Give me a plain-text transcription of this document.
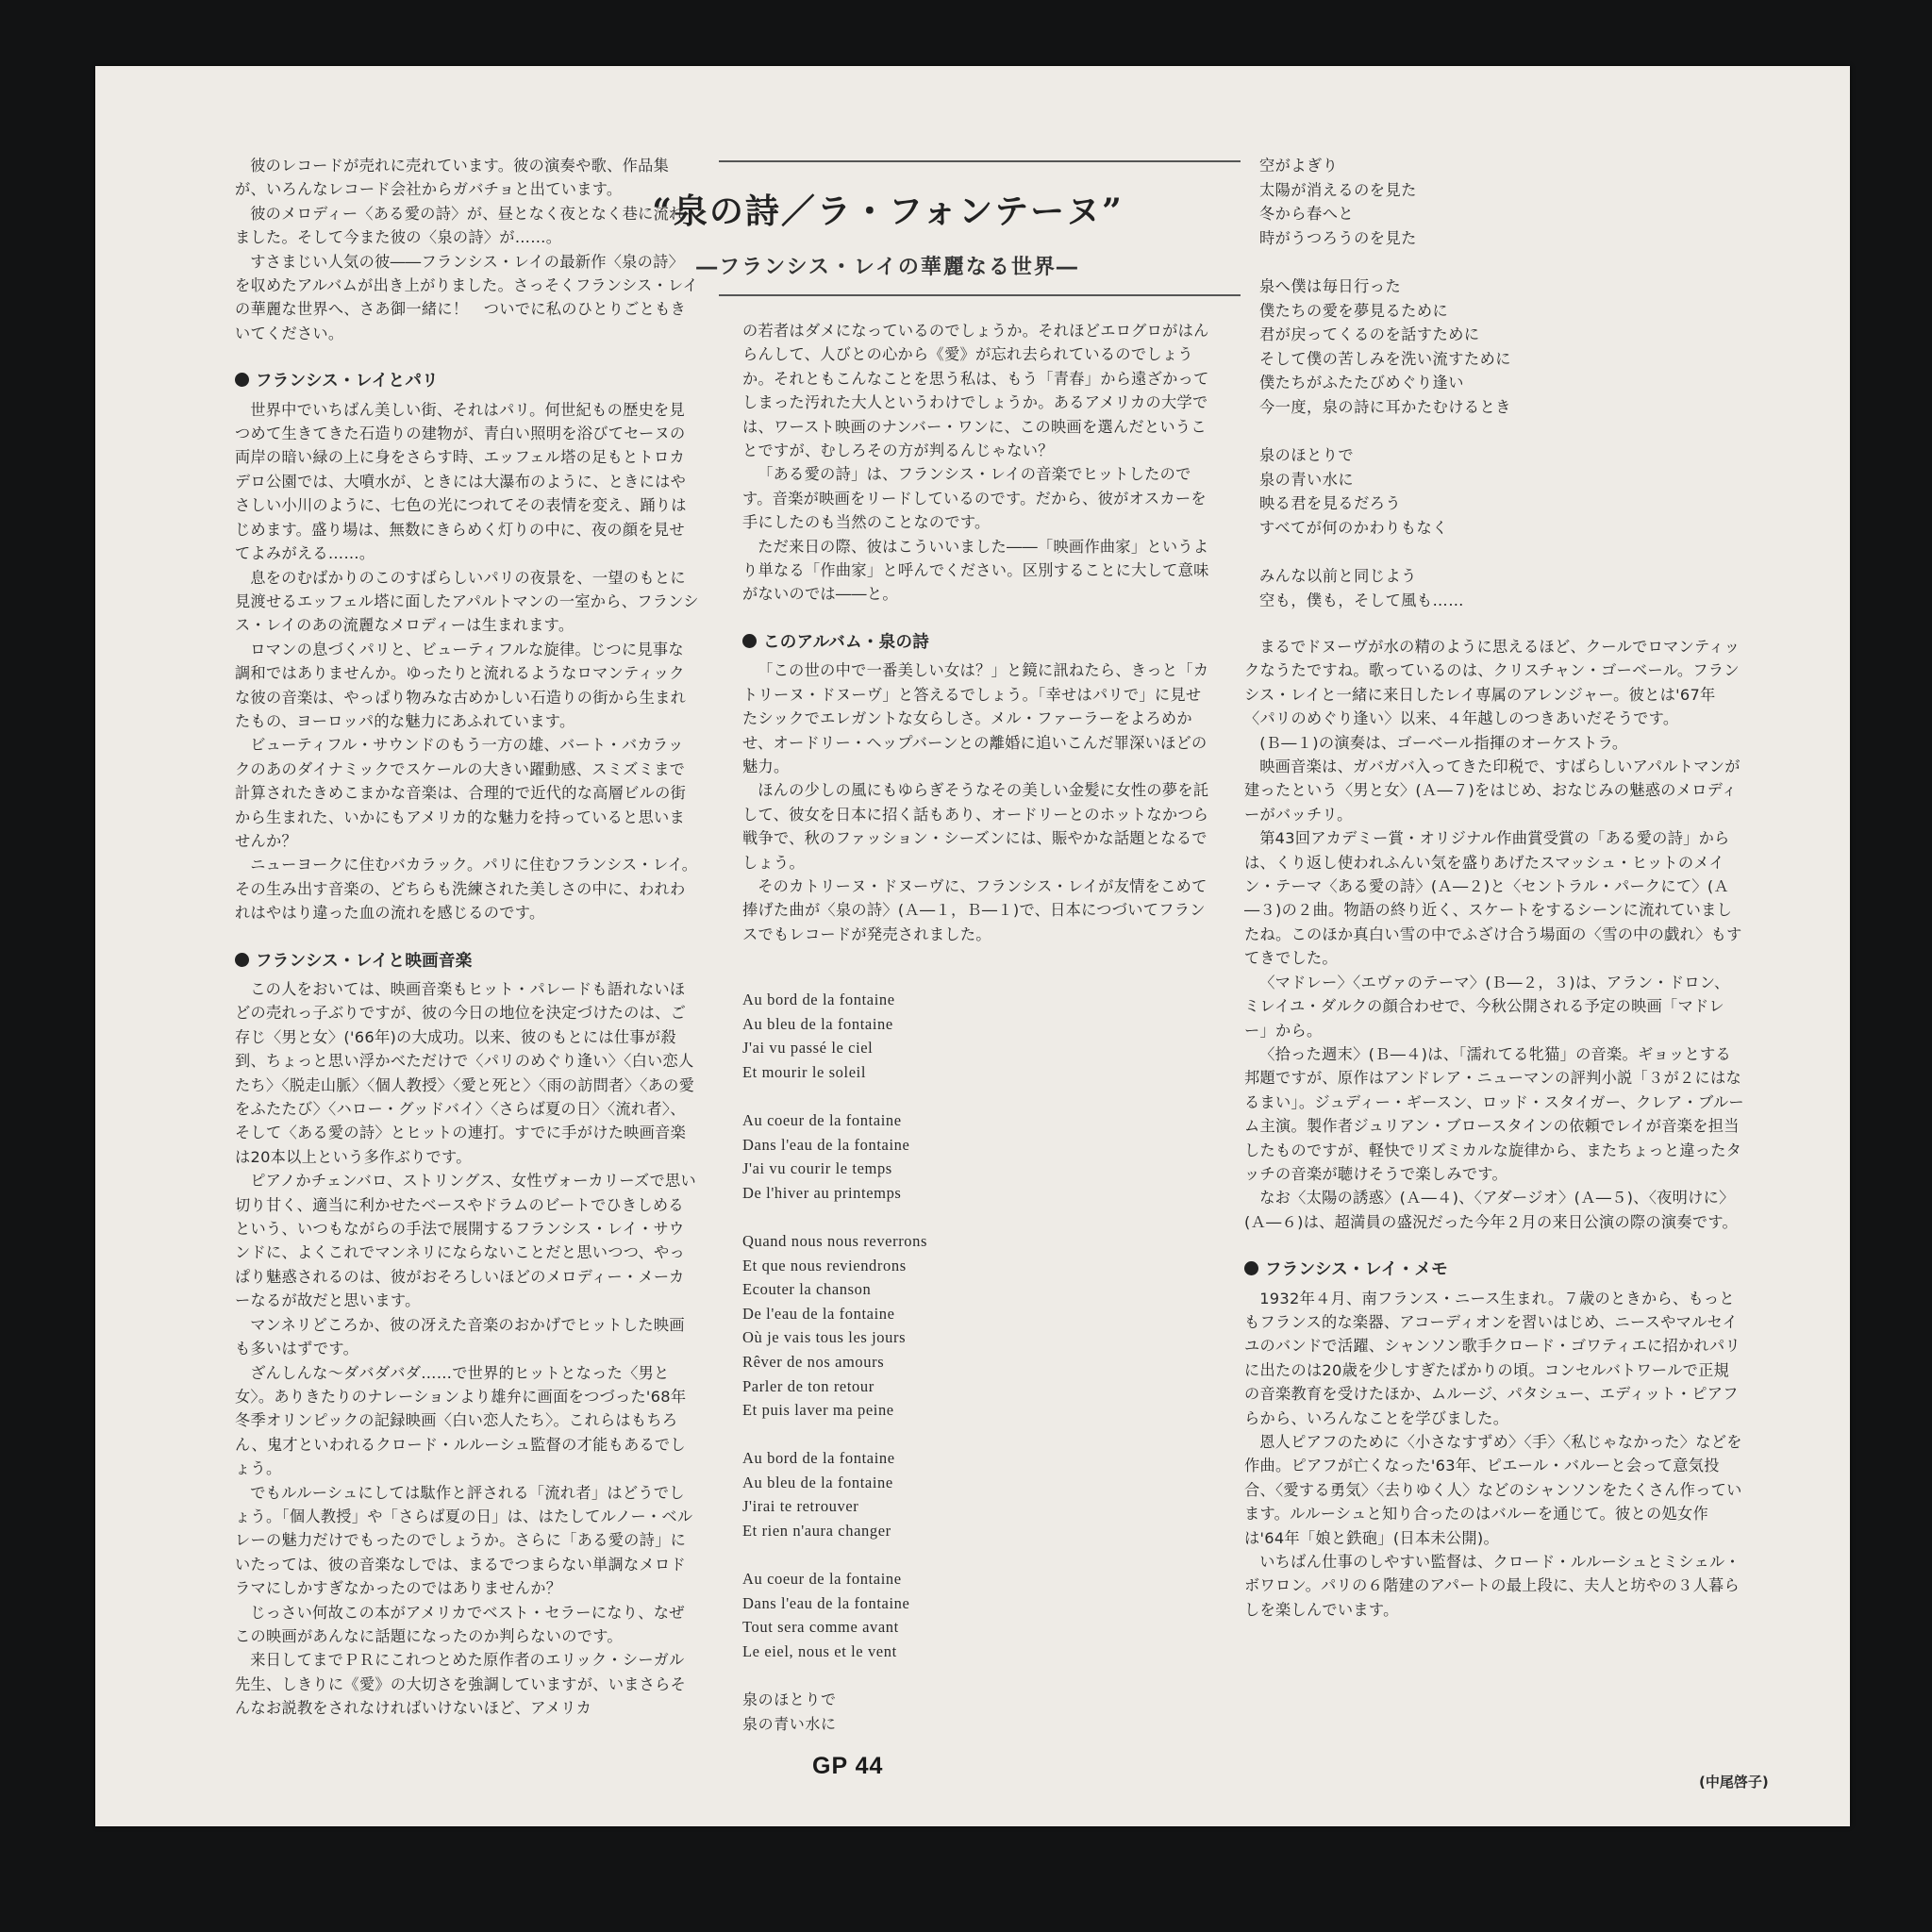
“泉の詩／ラ・フォンテーヌ”
―フランシス・レイの華麗なる世界―

彼のレコードが売れに売れています。彼の演奏や歌、作品集が、いろんなレコード会社からガバチョと出ています。

彼のメロディー〈ある愛の詩〉が、昼となく夜となく巷に流れました。そして今また彼の〈泉の詩〉が……。

すさまじい人気の彼――フランシス・レイの最新作〈泉の詩〉を収めたアルバムが出き上がりました。さっそくフランシス・レイの華麗な世界へ、さあ御一緒に！　ついでに私のひとりごともきいてください。

フランシス・レイとパリ

世界中でいちばん美しい街、それはパリ。何世紀もの歴史を見つめて生きてきた石造りの建物が、青白い照明を浴びてセーヌの両岸の暗い緑の上に身をさらす時、エッフェル塔の足もとトロカデロ公園では、大噴水が、ときには大瀑布のように、ときにはやさしい小川のように、七色の光につれてその表情を変え、踊りはじめます。盛り場は、無数にきらめく灯りの中に、夜の顔を見せてよみがえる……。

息をのむばかりのこのすばらしいパリの夜景を、一望のもとに見渡せるエッフェル塔に面したアパルトマンの一室から、フランシス・レイのあの流麗なメロディーは生まれます。

ロマンの息づくパリと、ビューティフルな旋律。じつに見事な調和ではありませんか。ゆったりと流れるようなロマンティックな彼の音楽は、やっぱり物みな古めかしい石造りの街から生まれたもの、ヨーロッパ的な魅力にあふれています。

ビューティフル・サウンドのもう一方の雄、バート・バカラックのあのダイナミックでスケールの大きい躍動感、スミズミまで計算されたきめこまかな音楽は、合理的で近代的な高層ビルの街から生まれた、いかにもアメリカ的な魅力を持っていると思いませんか？

ニューヨークに住むバカラック。パリに住むフランシス・レイ。その生み出す音楽の、どちらも洗練された美しさの中に、われわれはやはり違った血の流れを感じるのです。

フランシス・レイと映画音楽

この人をおいては、映画音楽もヒット・パレードも語れないほどの売れっ子ぶりですが、彼の今日の地位を決定づけたのは、ご存じ〈男と女〉('66年)の大成功。以来、彼のもとには仕事が殺到、ちょっと思い浮かべただけで〈パリのめぐり逢い〉〈白い恋人たち〉〈脱走山脈〉〈個人教授〉〈愛と死と〉〈雨の訪問者〉〈あの愛をふたたび〉〈ハロー・グッドバイ〉〈さらば夏の日〉〈流れ者〉、そして〈ある愛の詩〉とヒットの連打。すでに手がけた映画音楽は20本以上という多作ぶりです。

ピアノかチェンバロ、ストリングス、女性ヴォーカリーズで思い切り甘く、適当に利かせたベースやドラムのビートでひきしめるという、いつもながらの手法で展開するフランシス・レイ・サウンドに、よくこれでマンネリにならないことだと思いつつ、やっぱり魅惑されるのは、彼がおそろしいほどのメロディー・メーカーなるが故だと思います。

マンネリどころか、彼の冴えた音楽のおかげでヒットした映画も多いはずです。

ざんしんな〜ダバダバダ……で世界的ヒットとなった〈男と女〉。ありきたりのナレーションより雄弁に画面をつづった'68年冬季オリンピックの記録映画〈白い恋人たち〉。これらはもちろん、鬼才といわれるクロード・ルルーシュ監督の才能もあるでしょう。

でもルルーシュにしては駄作と評される「流れ者」はどうでしょう。「個人教授」や「さらば夏の日」は、はたしてルノー・ベルレーの魅力だけでもったのでしょうか。さらに「ある愛の詩」にいたっては、彼の音楽なしでは、まるでつまらない単調なメロドラマにしかすぎなかったのではありませんか？

じっさい何故この本がアメリカでベスト・セラーになり、なぜこの映画があんなに話題になったのか判らないのです。

来日してまでＰＲにこれつとめた原作者のエリック・シーガル先生、しきりに《愛》の大切さを強調していますが、いまさらそんなお説教をされなければいけないほど、アメリカ

の若者はダメになっているのでしょうか。それほどエログロがはんらんして、人びとの心から《愛》が忘れ去られているのでしょうか。それともこんなことを思う私は、もう「青春」から遠ざかってしまった汚れた大人というわけでしょうか。あるアメリカの大学では、ワースト映画のナンバー・ワンに、この映画を選んだということですが、むしろその方が判るんじゃない？

「ある愛の詩」は、フランシス・レイの音楽でヒットしたのです。音楽が映画をリードしているのです。だから、彼がオスカーを手にしたのも当然のことなのです。

ただ来日の際、彼はこういいました――「映画作曲家」というより単なる「作曲家」と呼んでください。区別することに大して意味がないのでは――と。

このアルバム・泉の詩

「この世の中で一番美しい女は？」と鏡に訊ねたら、きっと「カトリーヌ・ドヌーヴ」と答えるでしょう。「幸せはパリで」に見せたシックでエレガントな女らしさ。メル・ファーラーをよろめかせ、オードリー・ヘップバーンとの離婚に追いこんだ罪深いほどの魅力。

ほんの少しの風にもゆらぎそうなその美しい金髪に女性の夢を託して、彼女を日本に招く話もあり、オードリーとのホットなかつら戦争で、秋のファッション・シーズンには、賑やかな話題となるでしょう。

そのカトリーヌ・ドヌーヴに、フランシス・レイが友情をこめて捧げた曲が〈泉の詩〉(Ａ―１，Ｂ―１)で、日本につづいてフランスでもレコードが発売されました。

Au bord de la fontaine
Au bleu de la fontaine
J'ai vu passé le ciel
Et mourir le soleil
Au coeur de la fontaine
Dans l'eau de la fontaine
J'ai vu courir le temps
De l'hiver au printemps
Quand nous nous reverrons
Et que nous reviendrons
Ecouter la chanson
De l'eau de la fontaine
Où je vais tous les jours
Rêver de nos amours
Parler de ton retour
Et puis laver ma peine
Au bord de la fontaine
Au bleu de la fontaine
J'irai te retrouver
Et rien n'aura changer
Au coeur de la fontaine
Dans l'eau de la fontaine
Tout sera comme avant
Le eiel, nous et le vent
泉のほとりで
泉の青い水に
空がよぎり
太陽が消えるのを見た
冬から春へと
時がうつろうのを見た
泉へ僕は毎日行った
僕たちの愛を夢見るために
君が戻ってくるのを話すために
そして僕の苦しみを洗い流すために
僕たちがふたたびめぐり逢い
今一度，泉の詩に耳かたむけるとき
泉のほとりで
泉の青い水に
映る君を見るだろう
すべてが何のかわりもなく
みんな以前と同じよう
空も，僕も，そして風も……

まるでドヌーヴが水の精のように思えるほど、クールでロマンティックなうたですね。歌っているのは、クリスチャン・ゴーベール。フランシス・レイと一緒に来日したレイ専属のアレンジャー。彼とは'67年〈パリのめぐり逢い〉以来、４年越しのつきあいだそうです。

(Ｂ―１)の演奏は、ゴーベール指揮のオーケストラ。

映画音楽は、ガバガバ入ってきた印税で、すばらしいアパルトマンが建ったという〈男と女〉(Ａ―７)をはじめ、おなじみの魅惑のメロディーがバッチリ。

第43回アカデミー賞・オリジナル作曲賞受賞の「ある愛の詩」からは、くり返し使われふんい気を盛りあげたスマッシュ・ヒットのメイン・テーマ〈ある愛の詩〉(Ａ―２)と〈セントラル・パークにて〉(Ａ―３)の２曲。物語の終り近く、スケートをするシーンに流れていましたね。このほか真白い雪の中でふざけ合う場面の〈雪の中の戯れ〉もすてきでした。

〈マドレー〉〈エヴァのテーマ〉(Ｂ―２，３)は、アラン・ドロン、ミレイユ・ダルクの顔合わせで、今秋公開される予定の映画「マドレー」から。

〈拾った週末〉(Ｂ―４)は、「濡れてる牝猫」の音楽。ギョッとする邦題ですが、原作はアンドレア・ニューマンの評判小説「３が２にはなるまい」。ジュディー・ギースン、ロッド・スタイガー、クレア・ブルーム主演。製作者ジュリアン・ブロースタインの依頼でレイが音楽を担当したものですが、軽快でリズミカルな旋律から、またちょっと違ったタッチの音楽が聴けそうで楽しみです。

なお〈太陽の誘惑〉(Ａ―４)、〈アダージオ〉(Ａ―５)、〈夜明けに〉(Ａ―６)は、超満員の盛況だった今年２月の来日公演の際の演奏です。

フランシス・レイ・メモ

1932年４月、南フランス・ニース生まれ。７歳のときから、もっともフランス的な楽器、アコーディオンを習いはじめ、ニースやマルセイユのバンドで活躍、シャンソン歌手クロード・ゴワティエに招かれパリに出たのは20歳を少しすぎたばかりの頃。コンセルバトワールで正規の音楽教育を受けたほか、ムルージ、パタシュー、エディット・ピアフらから、いろんなことを学びました。

恩人ピアフのために〈小さなすずめ〉〈手〉〈私じゃなかった〉などを作曲。ピアフが亡くなった'63年、ピエール・バルーと会って意気投合、〈愛する勇気〉〈去りゆく人〉などのシャンソンをたくさん作っています。ルルーシュと知り合ったのはバルーを通じて。彼との処女作は'64年「娘と鉄砲」(日本未公開)。

いちばん仕事のしやすい監督は、クロード・ルルーシュとミシェル・ボワロン。パリの６階建のアパートの最上段に、夫人と坊やの３人暮らしを楽しんでいます。

(中尾啓子)
GP 44
